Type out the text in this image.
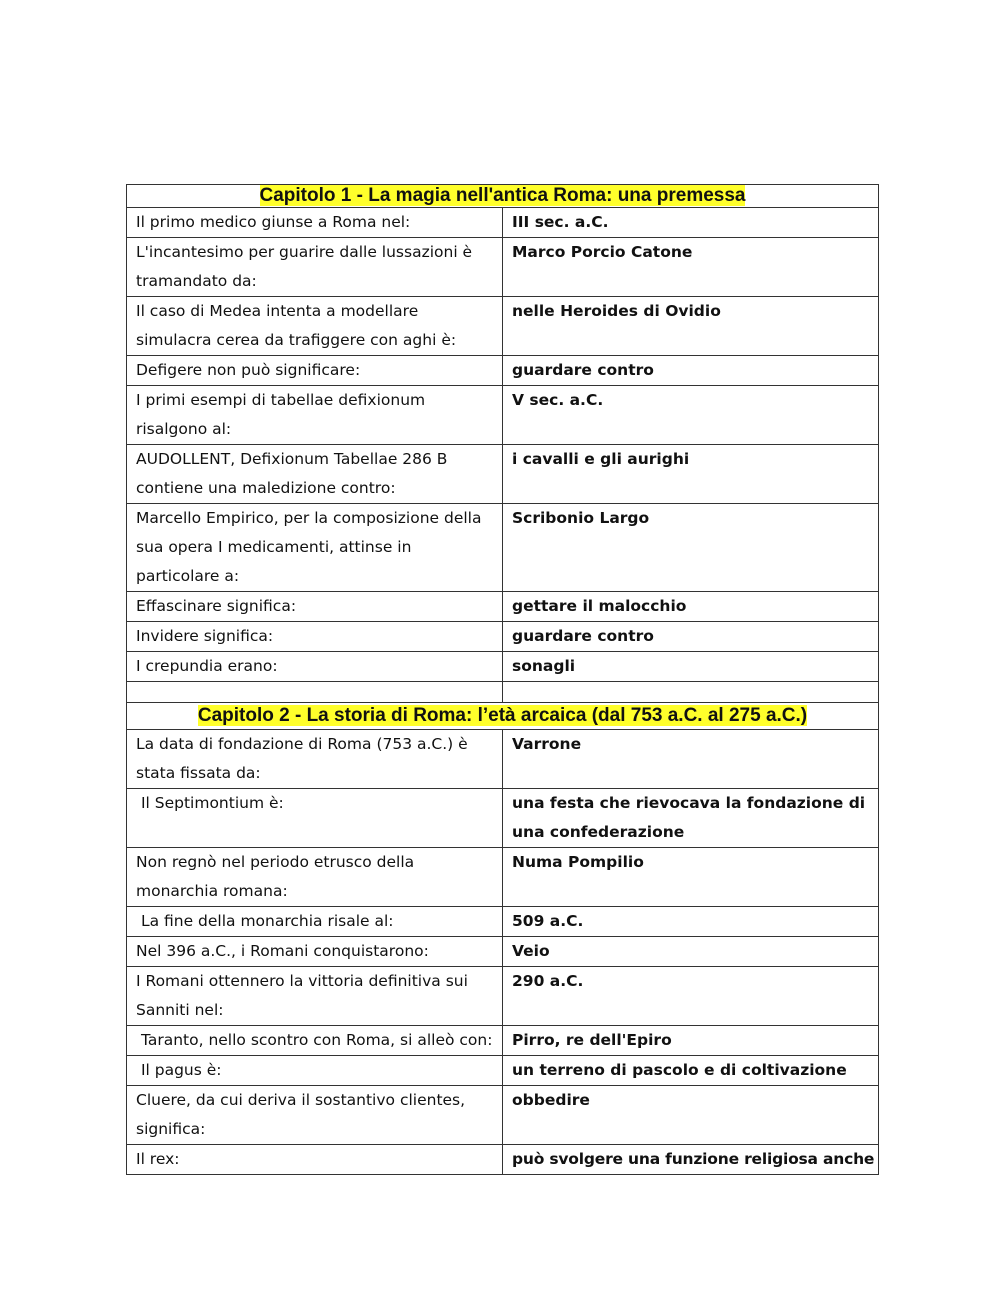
Capitolo 1 - La magia nell'antica Roma: una premessa	
Il primo medico giunse a Roma nel:	III sec. a.C.
L'incantesimo per guarire dalle lussazioni è tramandato da:	Marco Porcio Catone
Il caso di Medea intenta a modellare simulacra cerea da trafiggere con aghi è:	nelle Heroides di Ovidio
Defigere non può significare:	guardare contro
I primi esempi di tabellae defixionum risalgono al:	V sec. a.C.
AUDOLLENT, Defixionum Tabellae 286 B contiene una maledizione contro:	i cavalli e gli aurighi
Marcello Empirico, per la composizione della sua opera I medicamenti, attinse in particolare a:	Scribonio Largo
Effascinare significa:	gettare il malocchio
Invidere significa:	guardare contro
I crepundia erano:	sonagli

Capitolo 2 - La storia di Roma: l’età arcaica (dal 753 a.C. al 275 a.C.)	
La data di fondazione di Roma (753 a.C.) è stata fissata da:	Varrone
Il Septimontium è:	una festa che rievocava la fondazione di una confederazione
Non regnò nel periodo etrusco della monarchia romana:	Numa Pompilio
La fine della monarchia risale al:	509 a.C.
Nel 396 a.C., i Romani conquistarono:	Veio
I Romani ottennero la vittoria definitiva sui Sanniti nel:	290 a.C.
Taranto, nello scontro con Roma, si alleò con:	Pirro, re dell'Epiro
Il pagus è:	un terreno di pascolo e di coltivazione
Cluere, da cui deriva il sostantivo clientes, significa:	obbedire
Il rex:	può svolgere una funzione religiosa anche
